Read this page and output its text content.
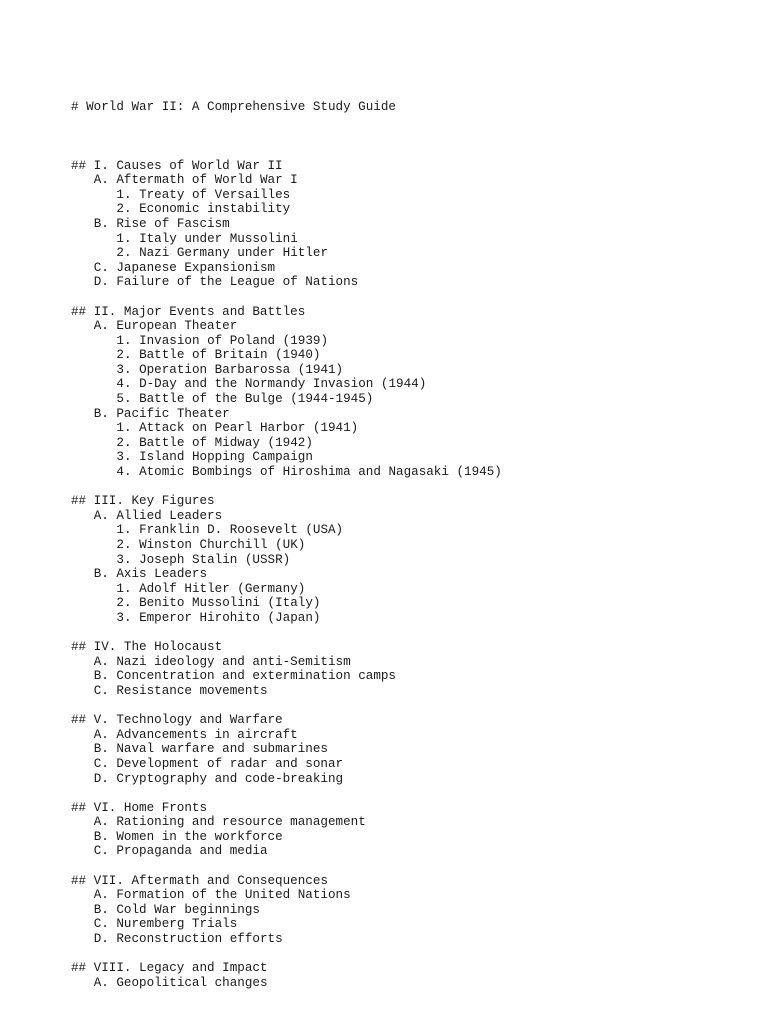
# World War II: A Comprehensive Study Guide

## I. Causes of World War II
A. Aftermath of World War I
1. Treaty of Versailles
2. Economic instability
B. Rise of Fascism
1. Italy under Mussolini
2. Nazi Germany under Hitler
C. Japanese Expansionism
D. Failure of the League of Nations
## II. Major Events and Battles
A. European Theater
1. Invasion of Poland (1939)
2. Battle of Britain (1940)
3. Operation Barbarossa (1941)
4. D-Day and the Normandy Invasion (1944)
5. Battle of the Bulge (1944-1945)
B. Pacific Theater
1. Attack on Pearl Harbor (1941)
2. Battle of Midway (1942)
3. Island Hopping Campaign
4. Atomic Bombings of Hiroshima and Nagasaki (1945)
## III. Key Figures
A. Allied Leaders
1. Franklin D. Roosevelt (USA)
2. Winston Churchill (UK)
3. Joseph Stalin (USSR)
B. Axis Leaders
1. Adolf Hitler (Germany)
2. Benito Mussolini (Italy)
3. Emperor Hirohito (Japan)
## IV. The Holocaust
A. Nazi ideology and anti-Semitism
B. Concentration and extermination camps
C. Resistance movements
## V. Technology and Warfare
A. Advancements in aircraft
B. Naval warfare and submarines
C. Development of radar and sonar
D. Cryptography and code-breaking
## VI. Home Fronts
A. Rationing and resource management
B. Women in the workforce
C. Propaganda and media
## VII. Aftermath and Consequences
A. Formation of the United Nations
B. Cold War beginnings
C. Nuremberg Trials
D. Reconstruction efforts
## VIII. Legacy and Impact
A. Geopolitical changes
